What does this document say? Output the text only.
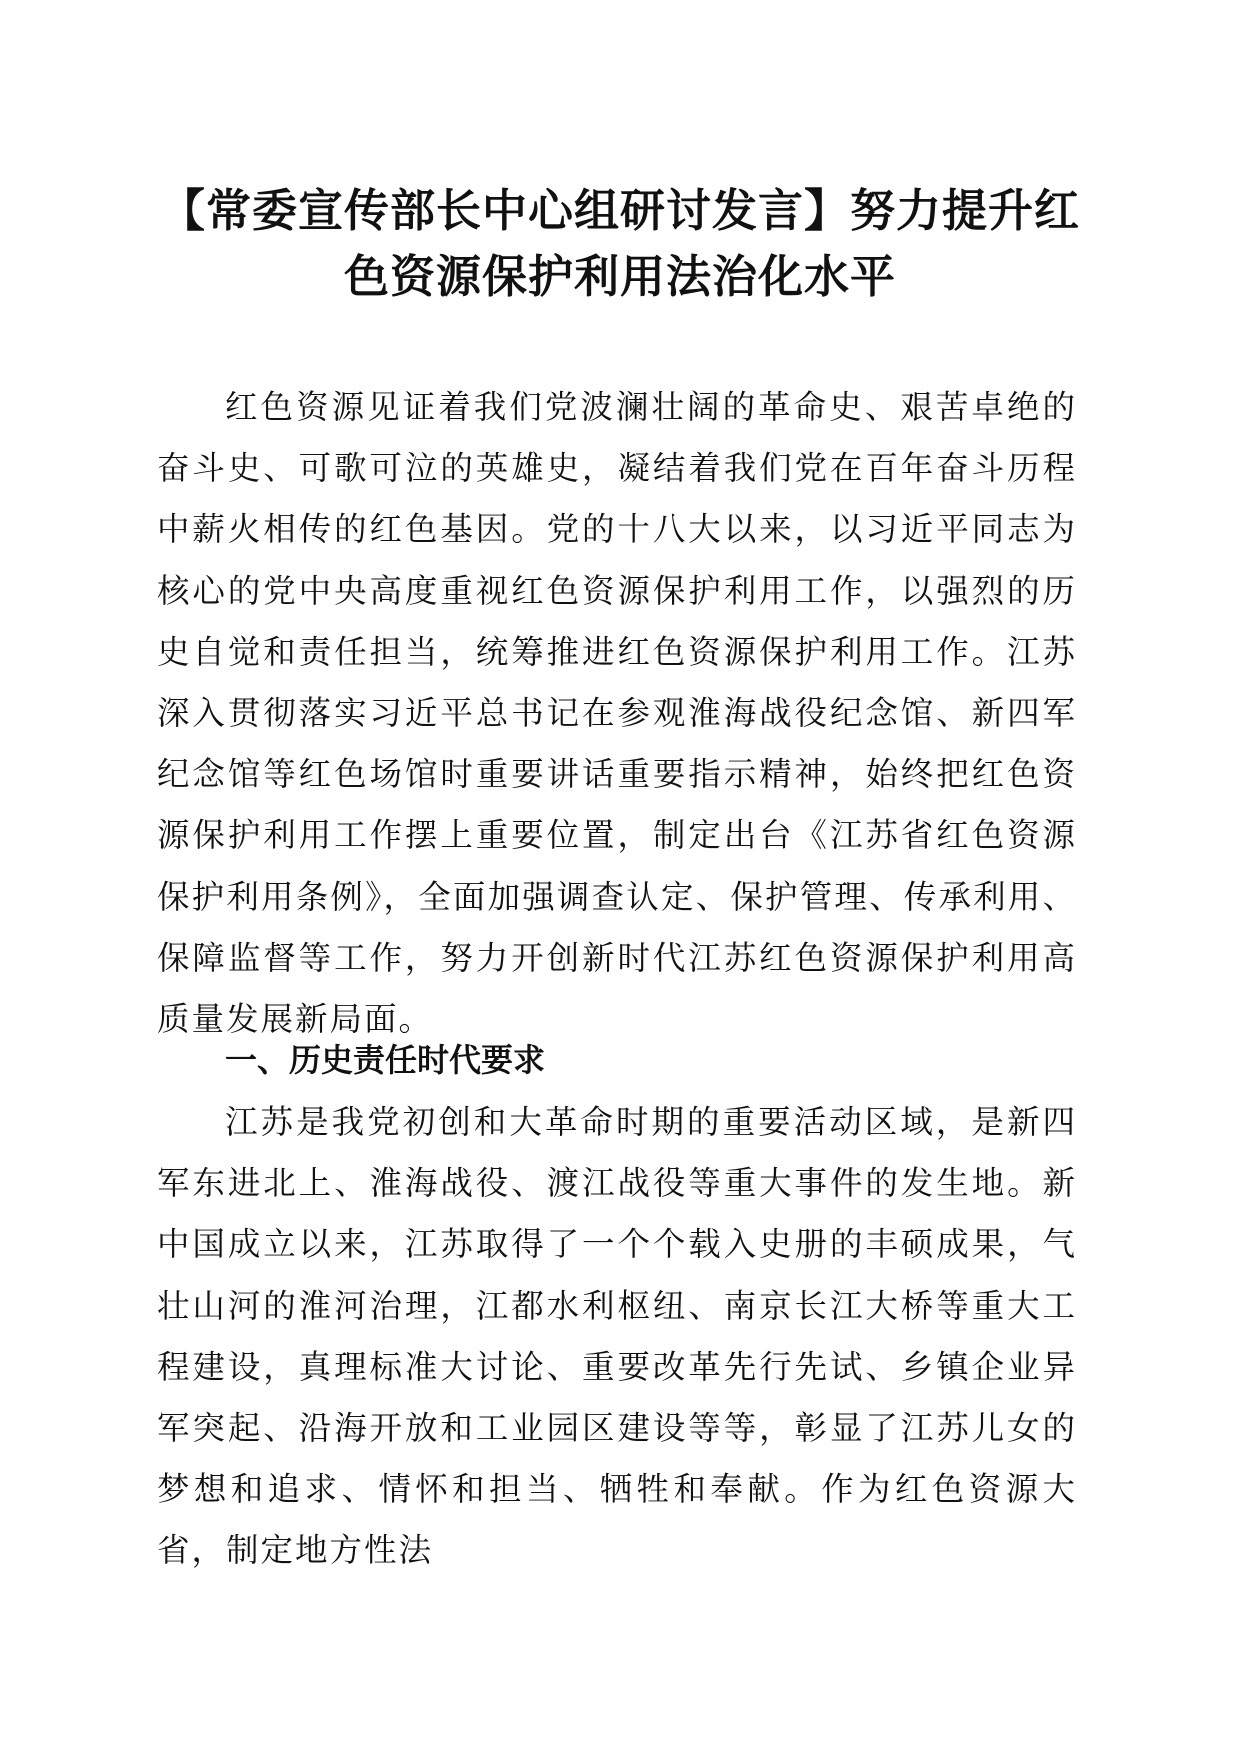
【常委宣传部长中心组研讨发言】努力提升红
色资源保护利用法治化水平

红色资源见证着我们党波澜壮阔的革命史、艰苦卓绝的奋斗史、可歌可泣的英雄史，凝结着我们党在百年奋斗历程中薪火相传的红色基因。党的十八大以来，以习近平同志为核心的党中央高度重视红色资源保护利用工作，以强烈的历史自觉和责任担当，统筹推进红色资源保护利用工作。江苏深入贯彻落实习近平总书记在参观淮海战役纪念馆、新四军纪念馆等红色场馆时重要讲话重要指示精神，始终把红色资源保护利用工作摆上重要位置，制定出台《江苏省红色资源保护利用条例》，全面加强调查认定、保护管理、传承利用、保障监督等工作，努力开创新时代江苏红色资源保护利用高质量发展新局面。

一、历史责任时代要求

江苏是我党初创和大革命时期的重要活动区域，是新四军东进北上、淮海战役、渡江战役等重大事件的发生地。新中国成立以来，江苏取得了一个个载入史册的丰硕成果，气壮山河的淮河治理，江都水利枢纽、南京长江大桥等重大工程建设，真理标准大讨论、重要改革先行先试、乡镇企业异军突起、沿海开放和工业园区建设等等，彰显了江苏儿女的梦想和追求、情怀和担当、牺牲和奉献。作为红色资源大省，制定地方性法
